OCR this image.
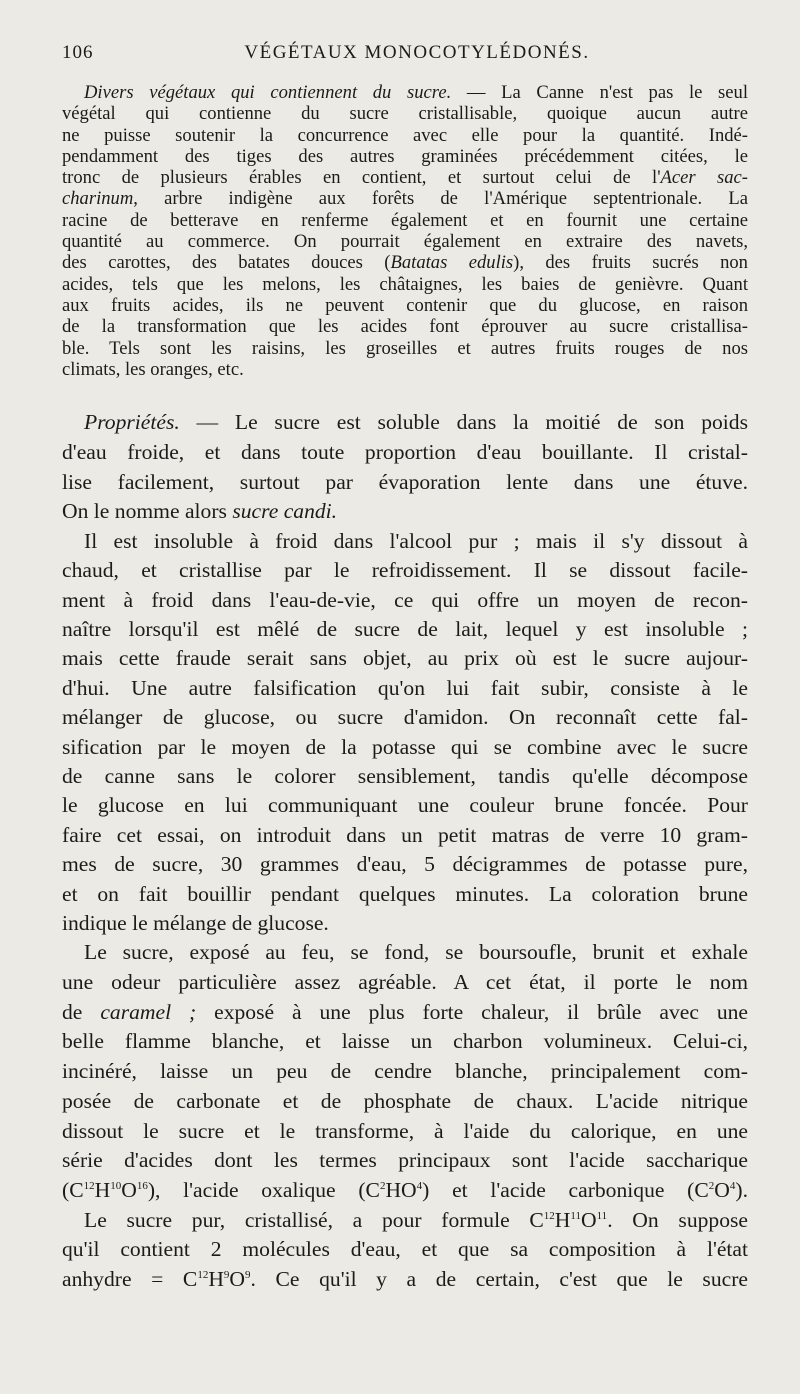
106	VÉGÉTAUX MONOCOTYLÉDONÉS.
Divers végétaux qui contiennent du sucre. — La Canne n'est pas le seul
végétal qui contienne du sucre cristallisable, quoique aucun autre
ne puisse soutenir la concurrence avec elle pour la quantité. Indé-
pendamment des tiges des autres graminées précédemment citées, le
tronc de plusieurs érables en contient, et surtout celui de l'Acer sac-
charinum, arbre indigène aux forêts de l'Amérique septentrionale. La
racine de betterave en renferme également et en fournit une certaine
quantité au commerce. On pourrait également en extraire des navets,
des carottes, des batates douces (Batatas edulis), des fruits sucrés non
acides, tels que les melons, les châtaignes, les baies de genièvre. Quant
aux fruits acides, ils ne peuvent contenir que du glucose, en raison
de la transformation que les acides font éprouver au sucre cristallisa-
ble. Tels sont les raisins, les groseilles et autres fruits rouges de nos
climats, les oranges, etc.
Propriétés. — Le sucre est soluble dans la moitié de son poids
d'eau froide, et dans toute proportion d'eau bouillante. Il cristal-
lise facilement, surtout par évaporation lente dans une étuve.
On le nomme alors sucre candi.
Il est insoluble à froid dans l'alcool pur ; mais il s'y dissout à
chaud, et cristallise par le refroidissement. Il se dissout facile-
ment à froid dans l'eau-de-vie, ce qui offre un moyen de recon-
naître lorsqu'il est mêlé de sucre de lait, lequel y est insoluble ;
mais cette fraude serait sans objet, au prix où est le sucre aujour-
d'hui. Une autre falsification qu'on lui fait subir, consiste à le
mélanger de glucose, ou sucre d'amidon. On reconnaît cette fal-
sification par le moyen de la potasse qui se combine avec le sucre
de canne sans le colorer sensiblement, tandis qu'elle décompose
le glucose en lui communiquant une couleur brune foncée. Pour
faire cet essai, on introduit dans un petit matras de verre 10 gram-
mes de sucre, 30 grammes d'eau, 5 décigrammes de potasse pure,
et on fait bouillir pendant quelques minutes. La coloration brune
indique le mélange de glucose.
Le sucre, exposé au feu, se fond, se boursoufle, brunit et exhale
une odeur particulière assez agréable. A cet état, il porte le nom
de caramel ; exposé à une plus forte chaleur, il brûle avec une
belle flamme blanche, et laisse un charbon volumineux. Celui-ci,
incinéré, laisse un peu de cendre blanche, principalement com-
posée de carbonate et de phosphate de chaux. L'acide nitrique
dissout le sucre et le transforme, à l'aide du calorique, en une
série d'acides dont les termes principaux sont l'acide saccharique
$(C^{12}H^{10}O^{16})$, l'acide oxalique $(C^2HO^4)$ et l'acide carbonique $(C^2O^4)$.
Le sucre pur, cristallisé, a pour formule $C^{12}H^{11}O^{11}$. On suppose
qu'il contient 2 molécules d'eau, et que sa composition à l'état
anhydre = $C^{12}H^9O^9$. Ce qu'il y a de certain, c'est que le sucre
